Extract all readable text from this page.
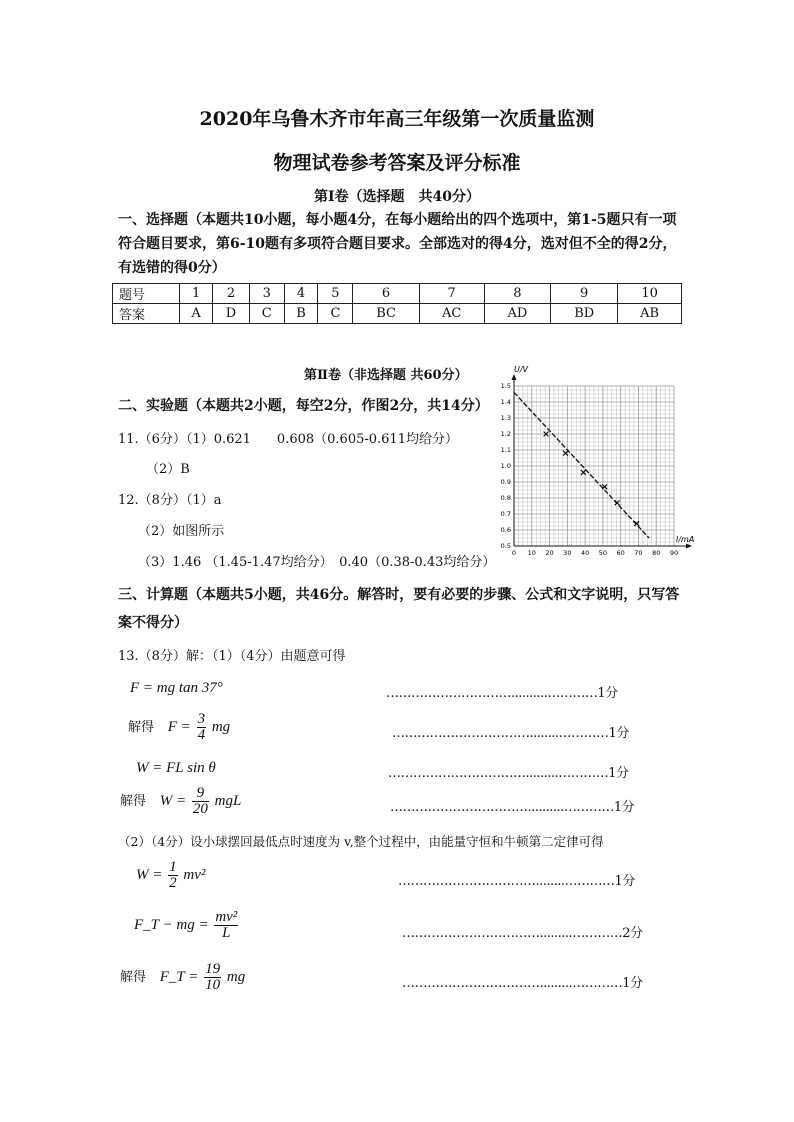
2020年乌鲁木齐市年高三年级第一次质量监测
物理试卷参考答案及评分标准
第Ⅰ卷（选择题　共40分）
一、选择题（本题共10小题，每小题4分，在每小题给出的四个选项中，第1-5题只有一项符合题目要求，第6-10题有多项符合题目要求。全部选对的得4分，选对但不全的得2分，有选错的得0分）
题号	1	2	3	4	5	6	7	8	9	10
答案	A	D	C	B	C	BC	AC	AD	BD	AB
第Ⅱ卷（非选择题 共60分）
二、实验题（本题共2小题，每空2分，作图2分，共14分）
11.（6分）（1）0.621　　0.608（0.605-0.611均给分）
（2）B
12.（8分）（1）a
（2）如图所示
（3）1.46 （1.45-1.47均给分）　0.40（0.38-0.43均给分）
U/V
I/mA
0 10 20 30 40 50 60 70 80 90
0.5
0.6
0.7
0.8
0.9
1.0
1.1
1.2
1.3
1.4
1.5
三、计算题（本题共5小题，共46分。解答时，要有必要的步骤、公式和文字说明，只写答案不得分）
13.（8分）解：（1）（4分）由题意可得
F = mg tan 37°	…………………………..........…………1分
解得 $F = \frac{3}{4}$ mg	……………………………........…………1分
W = FL sin θ	…………………………….........…………1分
解得 $W = \frac{9}{20}$ mgL	……………………………..........…………1分
（2）（4分）设小球摆回最低点时速度为 v,整个过程中，由能量守恒和牛顿第二定律可得
$W = \frac{1}{2} mv^2$	……………………………........…………1分
F_T − mg = $\frac{\text{mv²}}{L}$	…………………………….........…………2分
解得 F_T = $\frac{19}{10}$ mg	…………………………….........…………1分
